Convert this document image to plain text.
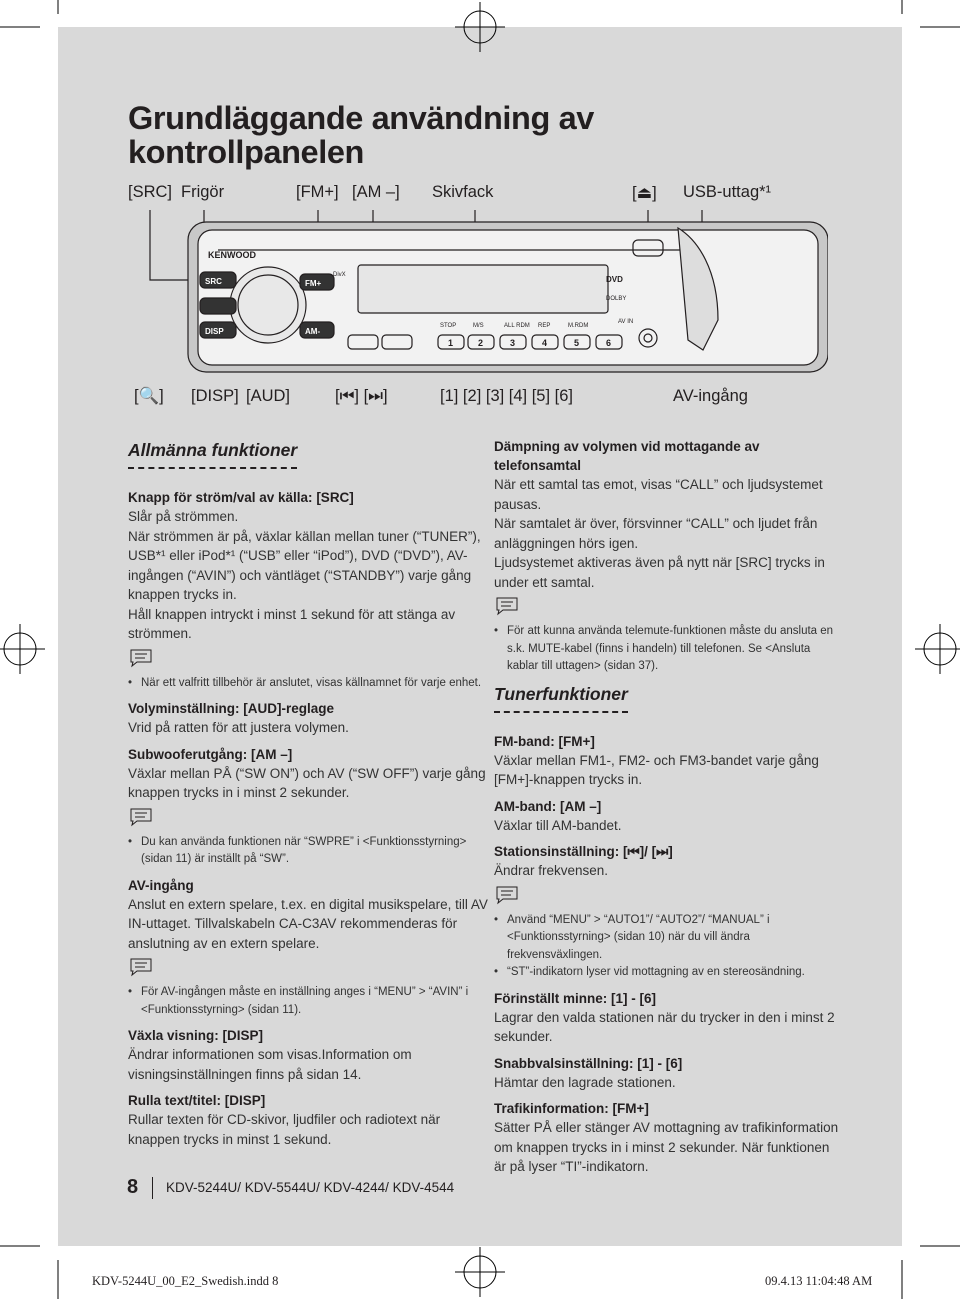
Grundläggande användning av
kontrollpanelen
[SRC] Frigör	[FM+] [AM –] Skivfack	[⏏] USB-uttag*¹
SRC
DISP
FM+
AM-
KENWOOD
DivX
STOP	M/S	ALL RDM REP	M.RDM
AV IN
DVD
DOLBY
1	2	3	4	5	6
[🔍] [DISP] [AUD]	[⏮] [⏭]	[1] [2] [3] [4] [5] [6]	AV-ingång
Allmänna funktioner
Knapp för ström/val av källa: [SRC]
Slår på strömmen.
När strömmen är på, växlar källan mellan tuner (“TUNER”), USB*¹ eller iPod*¹ (“USB” eller “iPod”), DVD (“DVD”), AV-ingången (“AVIN”) och väntläget (“STANDBY”) varje gång knappen trycks in.
Håll knappen intryckt i minst 1 sekund för att stänga av strömmen.
• När ett valfritt tillbehör är anslutet, visas källnamnet för varje enhet.
Volyminställning: [AUD]-reglage
Vrid på ratten för att justera volymen.
Subwooferutgång: [AM –]
Växlar mellan PÅ (“SW ON”) och AV (“SW OFF”) varje gång knappen trycks in i minst 2 sekunder.
• Du kan använda funktionen när “SWPRE” i <Funktionsstyrning> (sidan 11) är inställt på “SW”.
AV-ingång
Anslut en extern spelare, t.ex. en digital musikspelare, till AV IN-uttaget. Tillvalskabeln CA-C3AV rekommenderas för anslutning av en extern spelare.
• För AV-ingången måste en inställning anges i “MENU” > “AVIN” i <Funktionsstyrning> (sidan 11).
Växla visning: [DISP]
Ändrar informationen som visas.Information om visningsinställningen finns på sidan 14.
Rulla text/titel: [DISP]
Rullar texten för CD-skivor, ljudfiler och radiotext när knappen trycks in minst 1 sekund.
Dämpning av volymen vid mottagande av telefonsamtal
När ett samtal tas emot, visas “CALL” och ljudsystemet pausas.
När samtalet är över, försvinner “CALL” och ljudet från anläggningen hörs igen.
Ljudsystemet aktiveras även på nytt när [SRC] trycks in under ett samtal.
• För att kunna använda telemute-funktionen måste du ansluta en s.k. MUTE-kabel (finns i handeln) till telefonen. Se <Ansluta kablar till uttagen> (sidan 37).
Tunerfunktioner
FM-band: [FM+]
Växlar mellan FM1-, FM2- och FM3-bandet varje gång [FM+]-knappen trycks in.
AM-band: [AM –]
Växlar till AM-bandet.
Stationsinställning: [⏮]/ [⏭]
Ändrar frekvensen.
• Använd “MENU” > “AUTO1”/ “AUTO2”/ “MANUAL” i <Funktionsstyrning> (sidan 10) när du vill ändra frekvensväxlingen.
• “ST”-indikatorn lyser vid mottagning av en stereosändning.
Förinställt minne: [1] - [6]
Lagrar den valda stationen när du trycker in den i minst 2 sekunder.
Snabbvalsinställning: [1] - [6]
Hämtar den lagrade stationen.
Trafikinformation: [FM+]
Sätter PÅ eller stänger AV mottagning av trafikinformation om knappen trycks in i minst 2 sekunder. När funktionen är på lyser “TI”-indikatorn.
8 KDV-5244U/ KDV-5544U/ KDV-4244/ KDV-4544
KDV-5244U_00_E2_Swedish.indd 8	09.4.13 11:04:48 AM
